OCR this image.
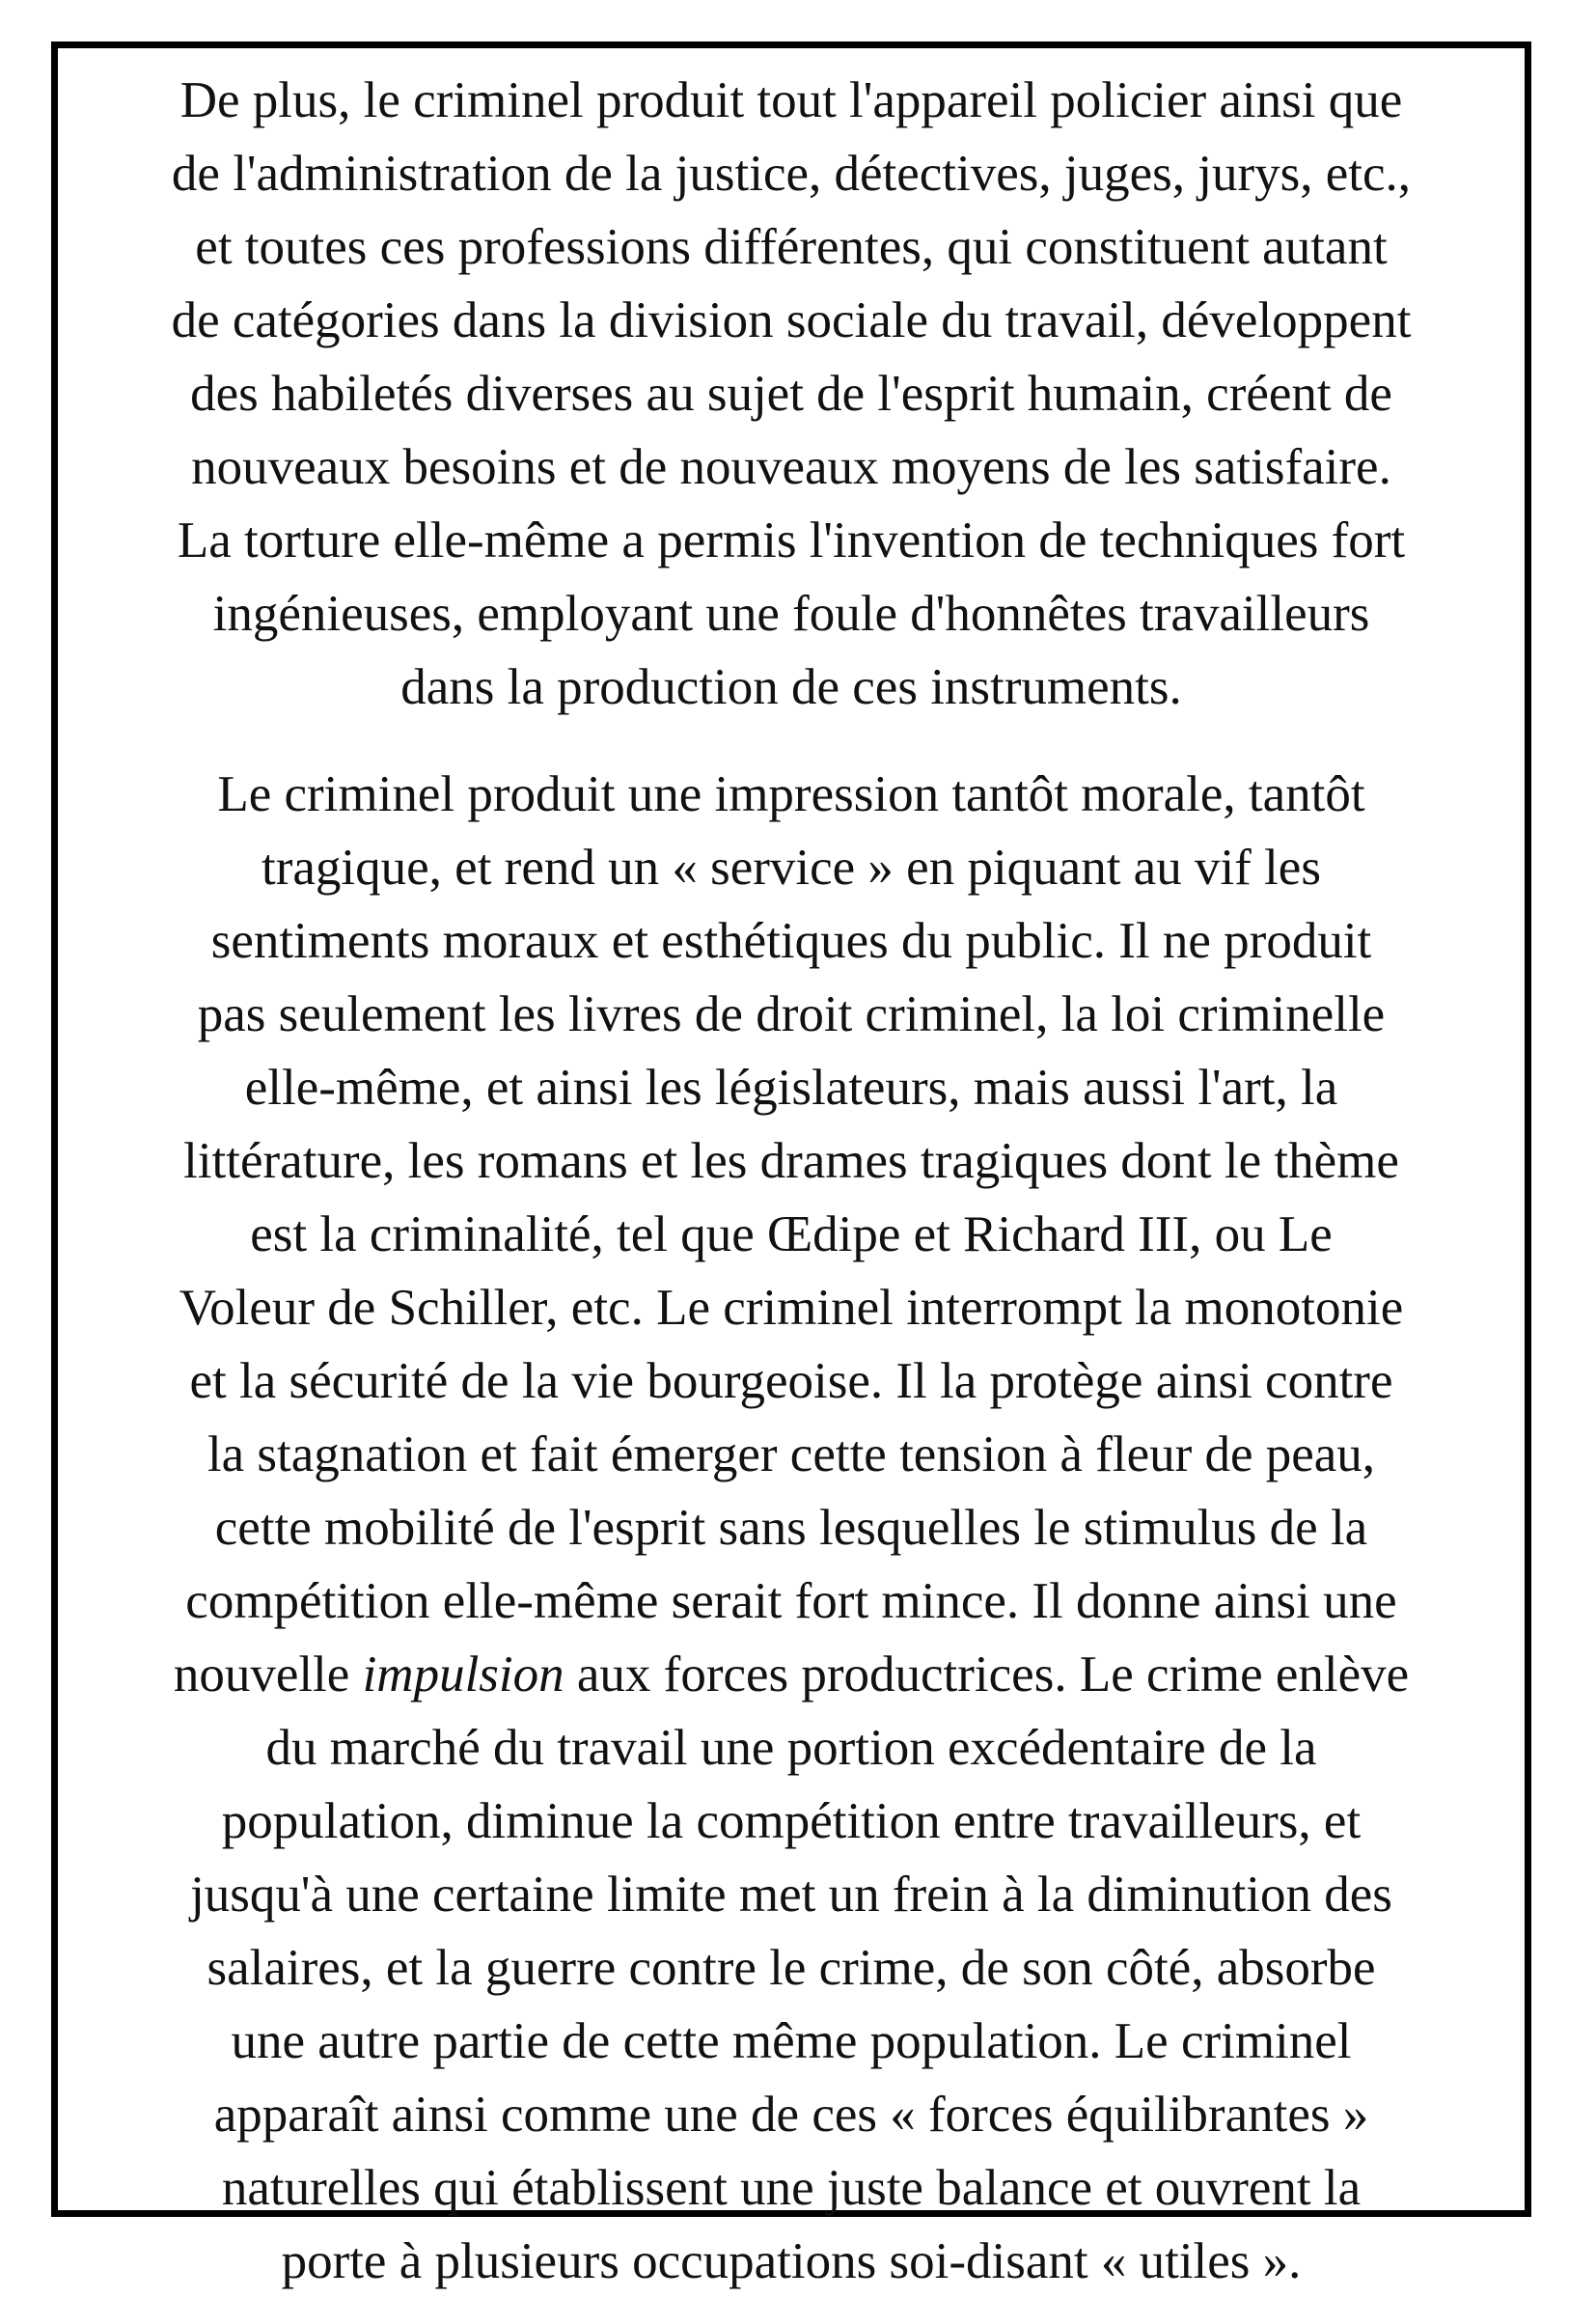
De plus, le criminel produit tout l'appareil policier ainsi que
de l'administration de la justice, détectives, juges, jurys, etc.,
et toutes ces professions différentes, qui constituent autant
de catégories dans la division sociale du travail, développent
des habiletés diverses au sujet de l'esprit humain, créent de
nouveaux besoins et de nouveaux moyens de les satisfaire.
La torture elle-même a permis l'invention de techniques fort
ingénieuses, employant une foule d'honnêtes travailleurs
dans la production de ces instruments.
Le criminel produit une impression tantôt morale, tantôt
tragique, et rend un « service » en piquant au vif les
sentiments moraux et esthétiques du public. Il ne produit
pas seulement les livres de droit criminel, la loi criminelle
elle-même, et ainsi les législateurs, mais aussi l'art, la
littérature, les romans et les drames tragiques dont le thème
est la criminalité, tel que Œdipe et Richard III, ou Le
Voleur de Schiller, etc. Le criminel interrompt la monotonie
et la sécurité de la vie bourgeoise. Il la protège ainsi contre
la stagnation et fait émerger cette tension à fleur de peau,
cette mobilité de l'esprit sans lesquelles le stimulus de la
compétition elle-même serait fort mince. Il donne ainsi une
nouvelle impulsion aux forces productrices. Le crime enlève
du marché du travail une portion excédentaire de la
population, diminue la compétition entre travailleurs, et
jusqu'à une certaine limite met un frein à la diminution des
salaires, et la guerre contre le crime, de son côté, absorbe
une autre partie de cette même population. Le criminel
apparaît ainsi comme une de ces « forces équilibrantes »
naturelles qui établissent une juste balance et ouvrent la
porte à plusieurs occupations soi-disant « utiles ».
